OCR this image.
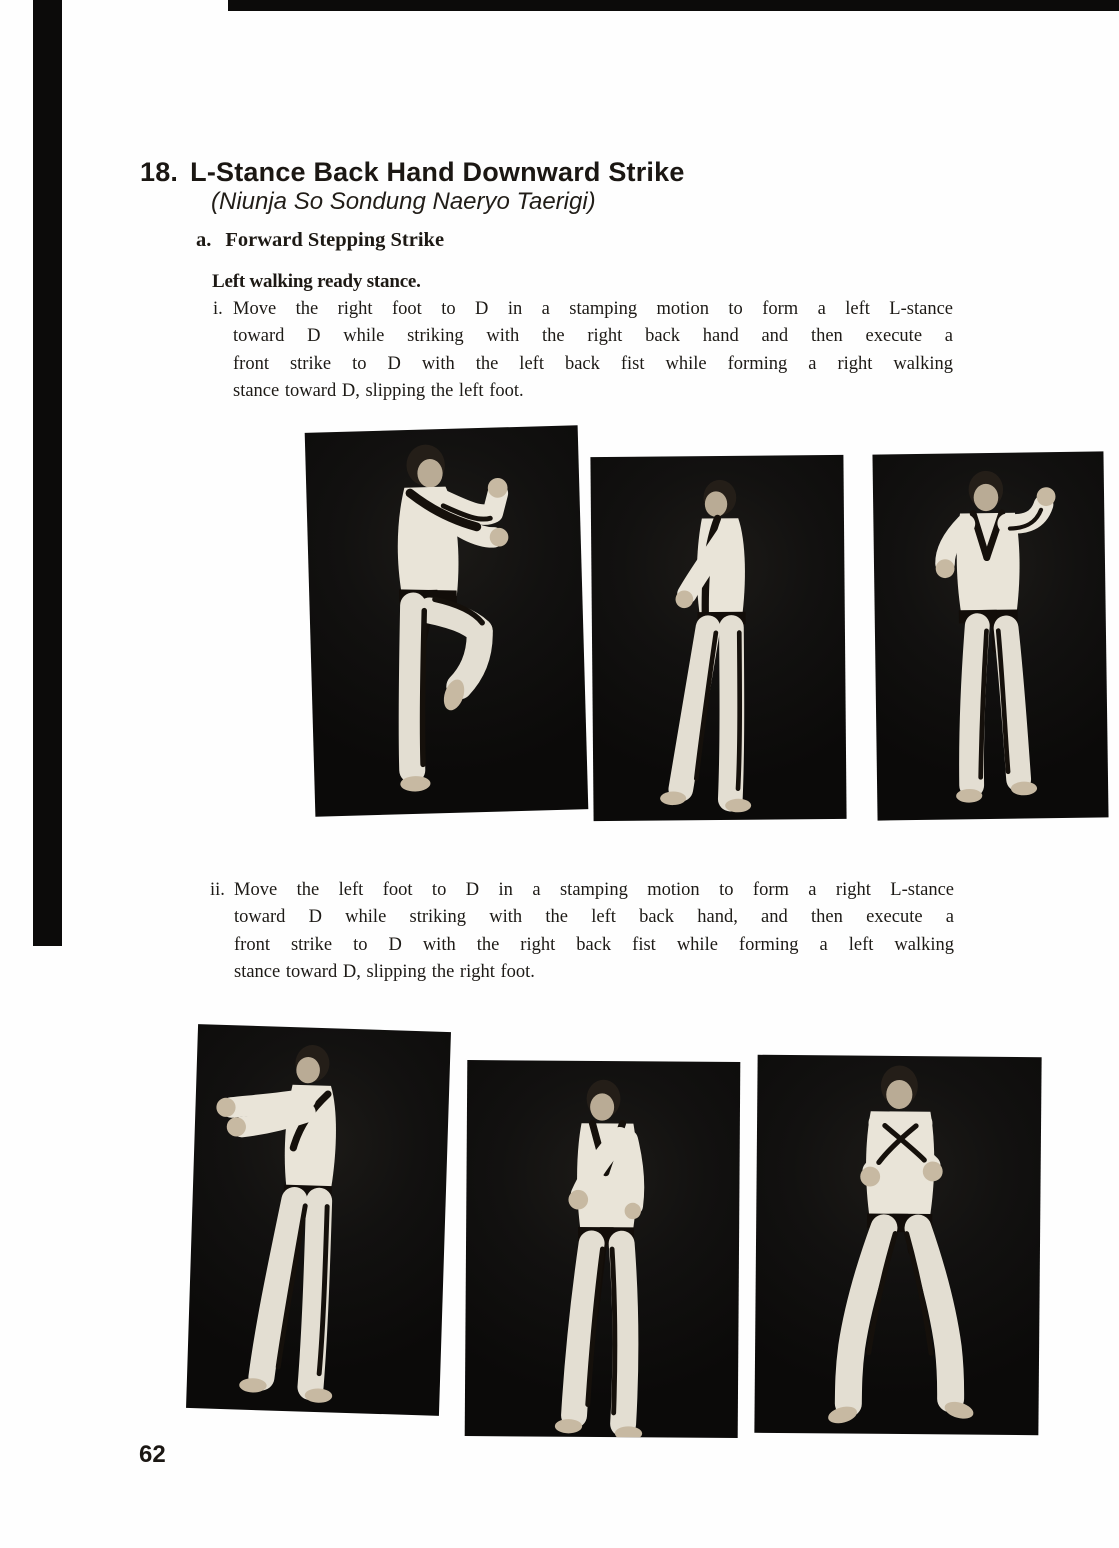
18. L-Stance Back Hand Downward Strike
(Niunja So Sondung Naeryo Taerigi)
a. Forward Stepping Strike
Left walking ready stance.
i. Move the right foot to D in a stamping motion to form a left L-stance
toward D while striking with the right back hand and then execute a
front strike to D with the left back fist while forming a right walking
stance toward D, slipping the left foot.
ii. Move the left foot to D in a stamping motion to form a right L-stance
toward D while striking with the left back hand, and then execute a
front strike to D with the right back fist while forming a left walking
stance toward D, slipping the right foot.
62
